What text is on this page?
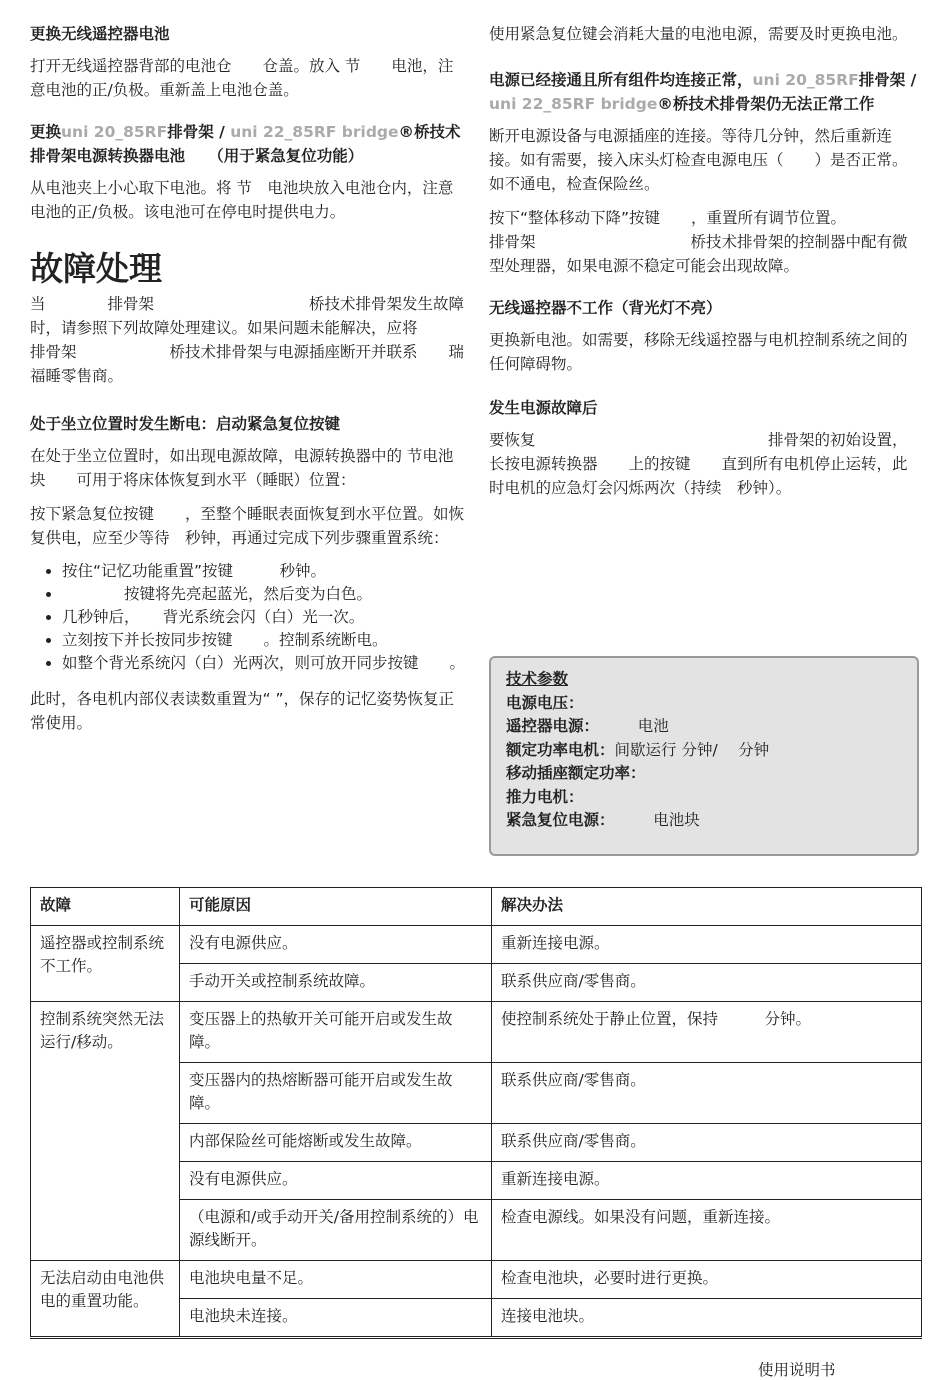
更换无线遥控器电池

打开无线遥控器背部的电池仓　　仓盖。放入 节　　电池，注意电池的正/负极。重新盖上电池仓盖。

更换uni 20_85RF排骨架 / uni 22_85RF bridge®桥技术排骨架电源转换器电池　　（用于紧急复位功能）

从电池夹上小心取下电池。将 节　电池块放入电池仓内，注意电池的正/负极。该电池可在停电时提供电力。

故障处理

当　　　　排骨架　　　　　　　　　　桥技术排骨架发生故障时，请参照下列故障处理建议。如果问题未能解决，应将　　　　　排骨架　　　　　　桥技术排骨架与电源插座断开并联系　　瑞福睡零售商。

处于坐立位置时发生断电：启动紧急复位按键

在处于坐立位置时，如出现电源故障，电源转换器中的 节电池块　　可用于将床体恢复到水平（睡眠）位置：

按下紧急复位按键　　，至整个睡眠表面恢复到水平位置。如恢复供电，应至少等待　秒钟，再通过完成下列步骤重置系统：

• 按住“记忆功能重置”按键　　　秒钟。
• 　　　　按键将先亮起蓝光，然后变为白色。
• 几秒钟后，　　背光系统会闪（白）光一次。
• 立刻按下并长按同步按键　　。控制系统断电。
• 如整个背光系统闪（白）光两次，则可放开同步按键　　。

此时，各电机内部仪表读数重置为“ ”，保存的记忆姿势恢复正常使用。

使用紧急复位键会消耗大量的电池电源，需要及时更换电池。

电源已经接通且所有组件均连接正常，uni 20_85RF排骨架 / uni 22_85RF bridge®桥技术排骨架仍无法正常工作

断开电源设备与电源插座的连接。等待几分钟，然后重新连接。如有需要，接入床头灯检查电源电压（　　）是否正常。如不通电，检查保险丝。

按下“整体移动下降”按键　　，重置所有调节位置。　　　　　排骨架　　　　　　　　　　桥技术排骨架的控制器中配有微型处理器，如果电源不稳定可能会出现故障。

无线遥控器不工作（背光灯不亮）

更换新电池。如需要，移除无线遥控器与电机控制系统之间的任何障碍物。

发生电源故障后

要恢复　　　　　　　　　　　　　　　排骨架的初始设置，长按电源转换器　　上的按键　　直到所有电机停止运转，此时电机的应急灯会闪烁两次（持续　秒钟）。

技术参数
电源电压：
遥控器电源：　　　电池
额定功率电机：间歇运行 分钟/　 分钟
移动插座额定功率：
推力电机：
紧急复位电源：　　　电池块
故障	可能原因	解决办法
遥控器或控制系统不工作。	没有电源供应。	重新连接电源。
	手动开关或控制系统故障。	联系供应商/零售商。
控制系统突然无法运行/移动。	变压器上的热敏开关可能开启或发生故障。	使控制系统处于静止位置，保持　　　分钟。
	变压器内的热熔断器可能开启或发生故障。	联系供应商/零售商。
	内部保险丝可能熔断或发生故障。	联系供应商/零售商。
	没有电源供应。	重新连接电源。
	（电源和/或手动开关/备用控制系统的）电源线断开。	检查电源线。如果没有问题，重新连接。
无法启动由电池供电的重置功能。	电池块电量不足。	检查电池块，必要时进行更换。
	电池块未连接。	连接电池块。
使用说明书
